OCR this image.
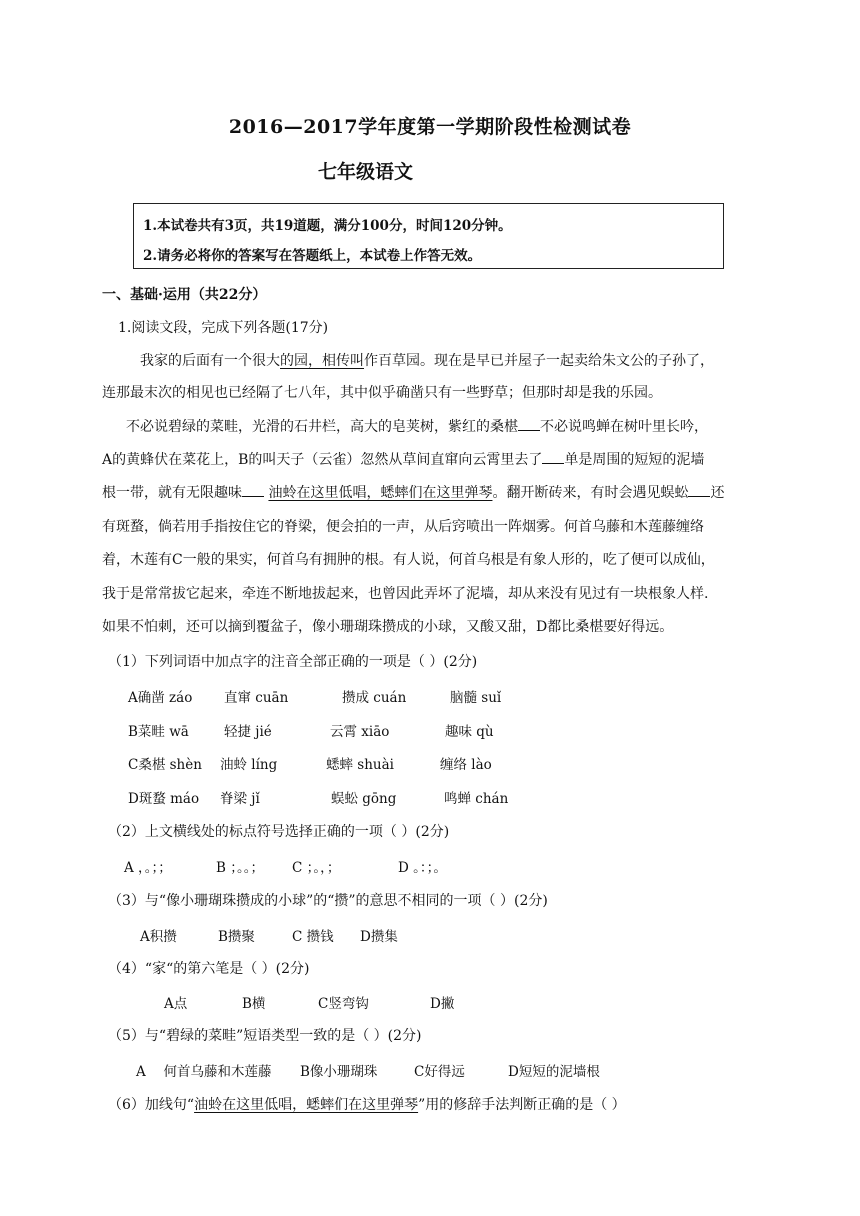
2016—2017学年度第一学期阶段性检测试卷
七年级语文
1.本试卷共有3页，共19道题，满分100分，时间120分钟。
2.请务必将你的答案写在答题纸上，本试卷上作答无效。
一、基础·运用（共22分）
1.阅读文段，完成下列各题(17分)
我家的后面有一个很大的园，相传叫作百草园。现在是早已并屋子一起卖给朱文公的子孙了，
连那最末次的相见也已经隔了七八年，其中似乎确凿只有一些野草；但那时却是我的乐园。
不必说碧绿的菜畦，光滑的石井栏，高大的皂荚树，紫红的桑椹 不必说鸣蝉在树叶里长吟，
A的黄蜂伏在菜花上，B的叫天子（云雀）忽然从草间直窜向云霄里去了 单是周围的短短的泥墙
根一带，就有无限趣味 油蛉在这里低唱，蟋蟀们在这里弹琴。翻开断砖来，有时会遇见蜈蚣 还
有斑蝥，倘若用手指按住它的脊梁，便会拍的一声，从后窍喷出一阵烟雾。何首乌藤和木莲藤缠络
着，木莲有C一般的果实，何首乌有拥肿的根。有人说，何首乌根是有象人形的，吃了便可以成仙，
我于是常常拔它起来，牵连不断地拔起来，也曾因此弄坏了泥墙，却从来没有见过有一块根象人样.
如果不怕刺，还可以摘到覆盆子，像小珊瑚珠攒成的小球，又酸又甜，D都比桑椹要好得远。
（1）下列词语中加点字的注音全部正确的一项是（ ）(2分)
A确凿 záo 直窜 cuān	攒成 cuán	脑髓 suǐ
B菜畦 wā	轻捷 jié	云霄 xiāo	趣味 qù
C桑椹 shèn 油蛉 líng	蟋蟀 shuài	缠络 lào
D斑蝥 máo 脊梁 jǐ	蜈蚣 gōng	鸣蝉 chán
（2）上文横线处的标点符号选择正确的一项（ ）(2分)
A ，。；；	B ；。。； C ；。，；	D 。：；。
（3）与“像小珊瑚珠攒成的小球”的“攒”的意思不相同的一项（ ）(2分)
A积攒	B攒聚	C 攒钱 D攒集
（4）“家“的第六笔是（ ）(2分)
A点	B横	C竖弯钩	D撇
（5）与“碧绿的菜畦”短语类型一致的是（ ）(2分)
A　 何首乌藤和木莲藤 B像小珊瑚珠	C好得远	D短短的泥墙根
（6）加线句“油蛉在这里低唱，蟋蟀们在这里弹琴”用的修辞手法判断正确的是（ ）
